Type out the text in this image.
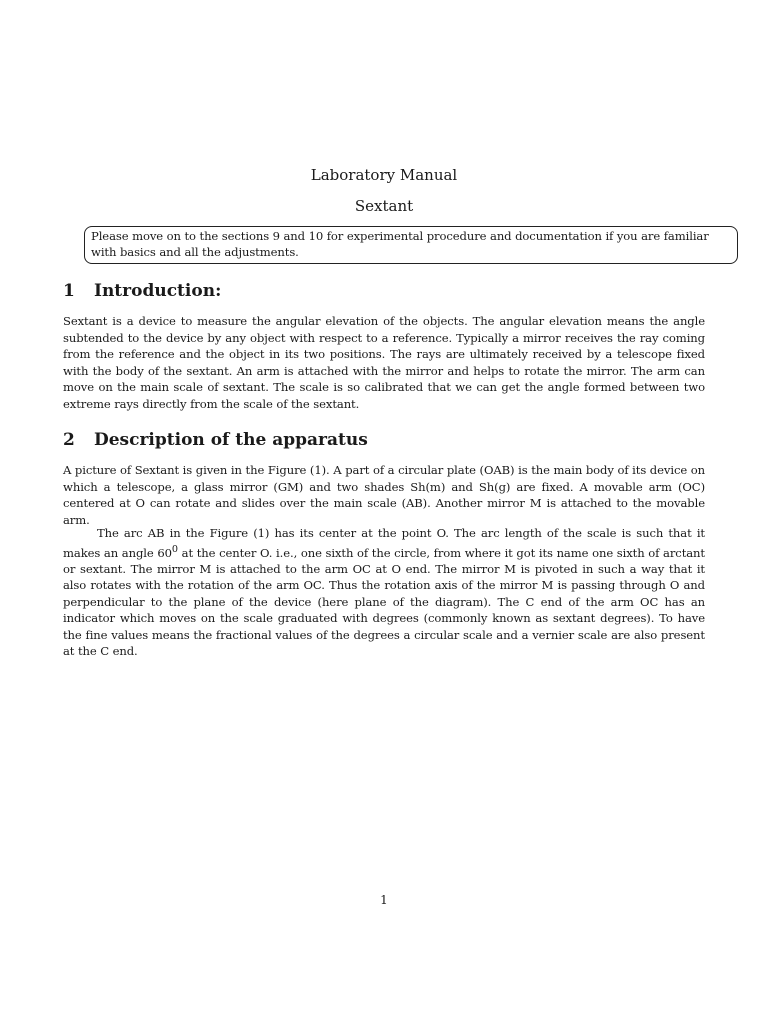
Laboratory Manual
Sextant
Please move on to the sections 9 and 10 for experimental procedure and documentation if you are familiar with basics and all the adjustments.
1 Introduction:

Sextant is a device to measure the angular elevation of the objects. The angular elevation means the angle subtended to the device by any object with respect to a reference. Typically a mirror receives the ray coming from the reference and the object in its two positions. The rays are ultimately received by a telescope fixed with the body of the sextant. An arm is attached with the mirror and helps to rotate the mirror. The arm can move on the main scale of sextant. The scale is so calibrated that we can get the angle formed between two extreme rays directly from the scale of the sextant.

2 Description of the apparatus

A picture of Sextant is given in the Figure (1). A part of a circular plate (OAB) is the main body of its device on which a telescope, a glass mirror (GM) and two shades Sh(m) and Sh(g) are fixed. A movable arm (OC) centered at O can rotate and slides over the main scale (AB). Another mirror M is attached to the movable arm.

The arc AB in the Figure (1) has its center at the point O. The arc length of the scale is such that it makes an angle $60^0$ at the center O. i.e., one sixth of the circle, from where it got its name one sixth of arctant or sextant. The mirror M is attached to the arm OC at O end. The mirror M is pivoted in such a way that it also rotates with the rotation of the arm OC. Thus the rotation axis of the mirror M is passing through O and perpendicular to the plane of the device (here plane of the diagram). The C end of the arm OC has an indicator which moves on the scale graduated with degrees (commonly known as sextant degrees). To have the fine values means the fractional values of the degrees a circular scale and a vernier scale are also present at the C end.

1
